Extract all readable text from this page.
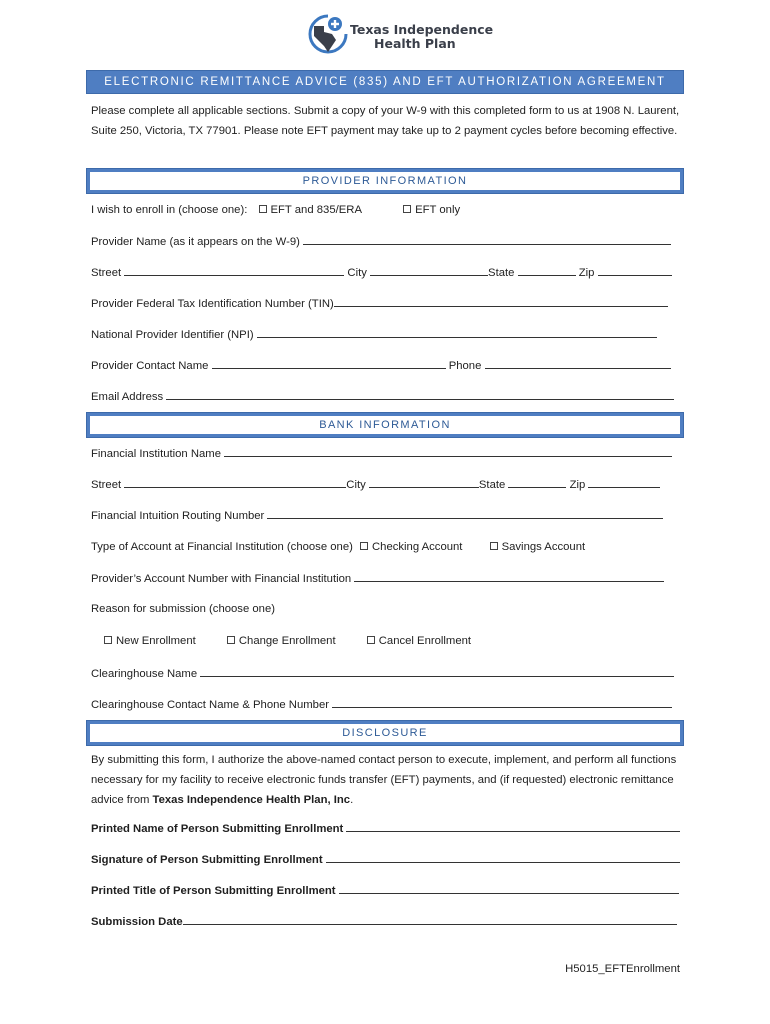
Texas Independence
Health Plan
ELECTRONIC REMITTANCE ADVICE (835) AND EFT AUTHORIZATION AGREEMENT
Please complete all applicable sections. Submit a copy of your W-9 with this completed form to us at 1908 N. Laurent, Suite 250, Victoria, TX 77901. Please note EFT payment may take up to 2 payment cycles before becoming effective.
PROVIDER INFORMATION
I wish to enroll in (choose one): EFT and 835/ERA	EFT only
Provider Name (as it appears on the W-9)
Street	City	State	Zip
Provider Federal Tax Identification Number (TIN)
National Provider Identifier (NPI)
Provider Contact Name	Phone
Email Address
BANK INFORMATION
Financial Institution Name
Street	City	State	Zip
Financial Intuition Routing Number
Type of Account at Financial Institution (choose one) Checking Account	Savings Account
Provider’s Account Number with Financial Institution
Reason for submission (choose one)
New Enrollment	Change Enrollment	Cancel Enrollment
Clearinghouse Name
Clearinghouse Contact Name & Phone Number
DISCLOSURE
By submitting this form, I authorize the above-named contact person to execute, implement, and perform all functions necessary for my facility to receive electronic funds transfer (EFT) payments, and (if requested) electronic remittance advice from Texas Independence Health Plan, Inc.
Printed Name of Person Submitting Enrollment
Signature of Person Submitting Enrollment
Printed Title of Person Submitting Enrollment
Submission Date
H5015_EFTEnrollment
